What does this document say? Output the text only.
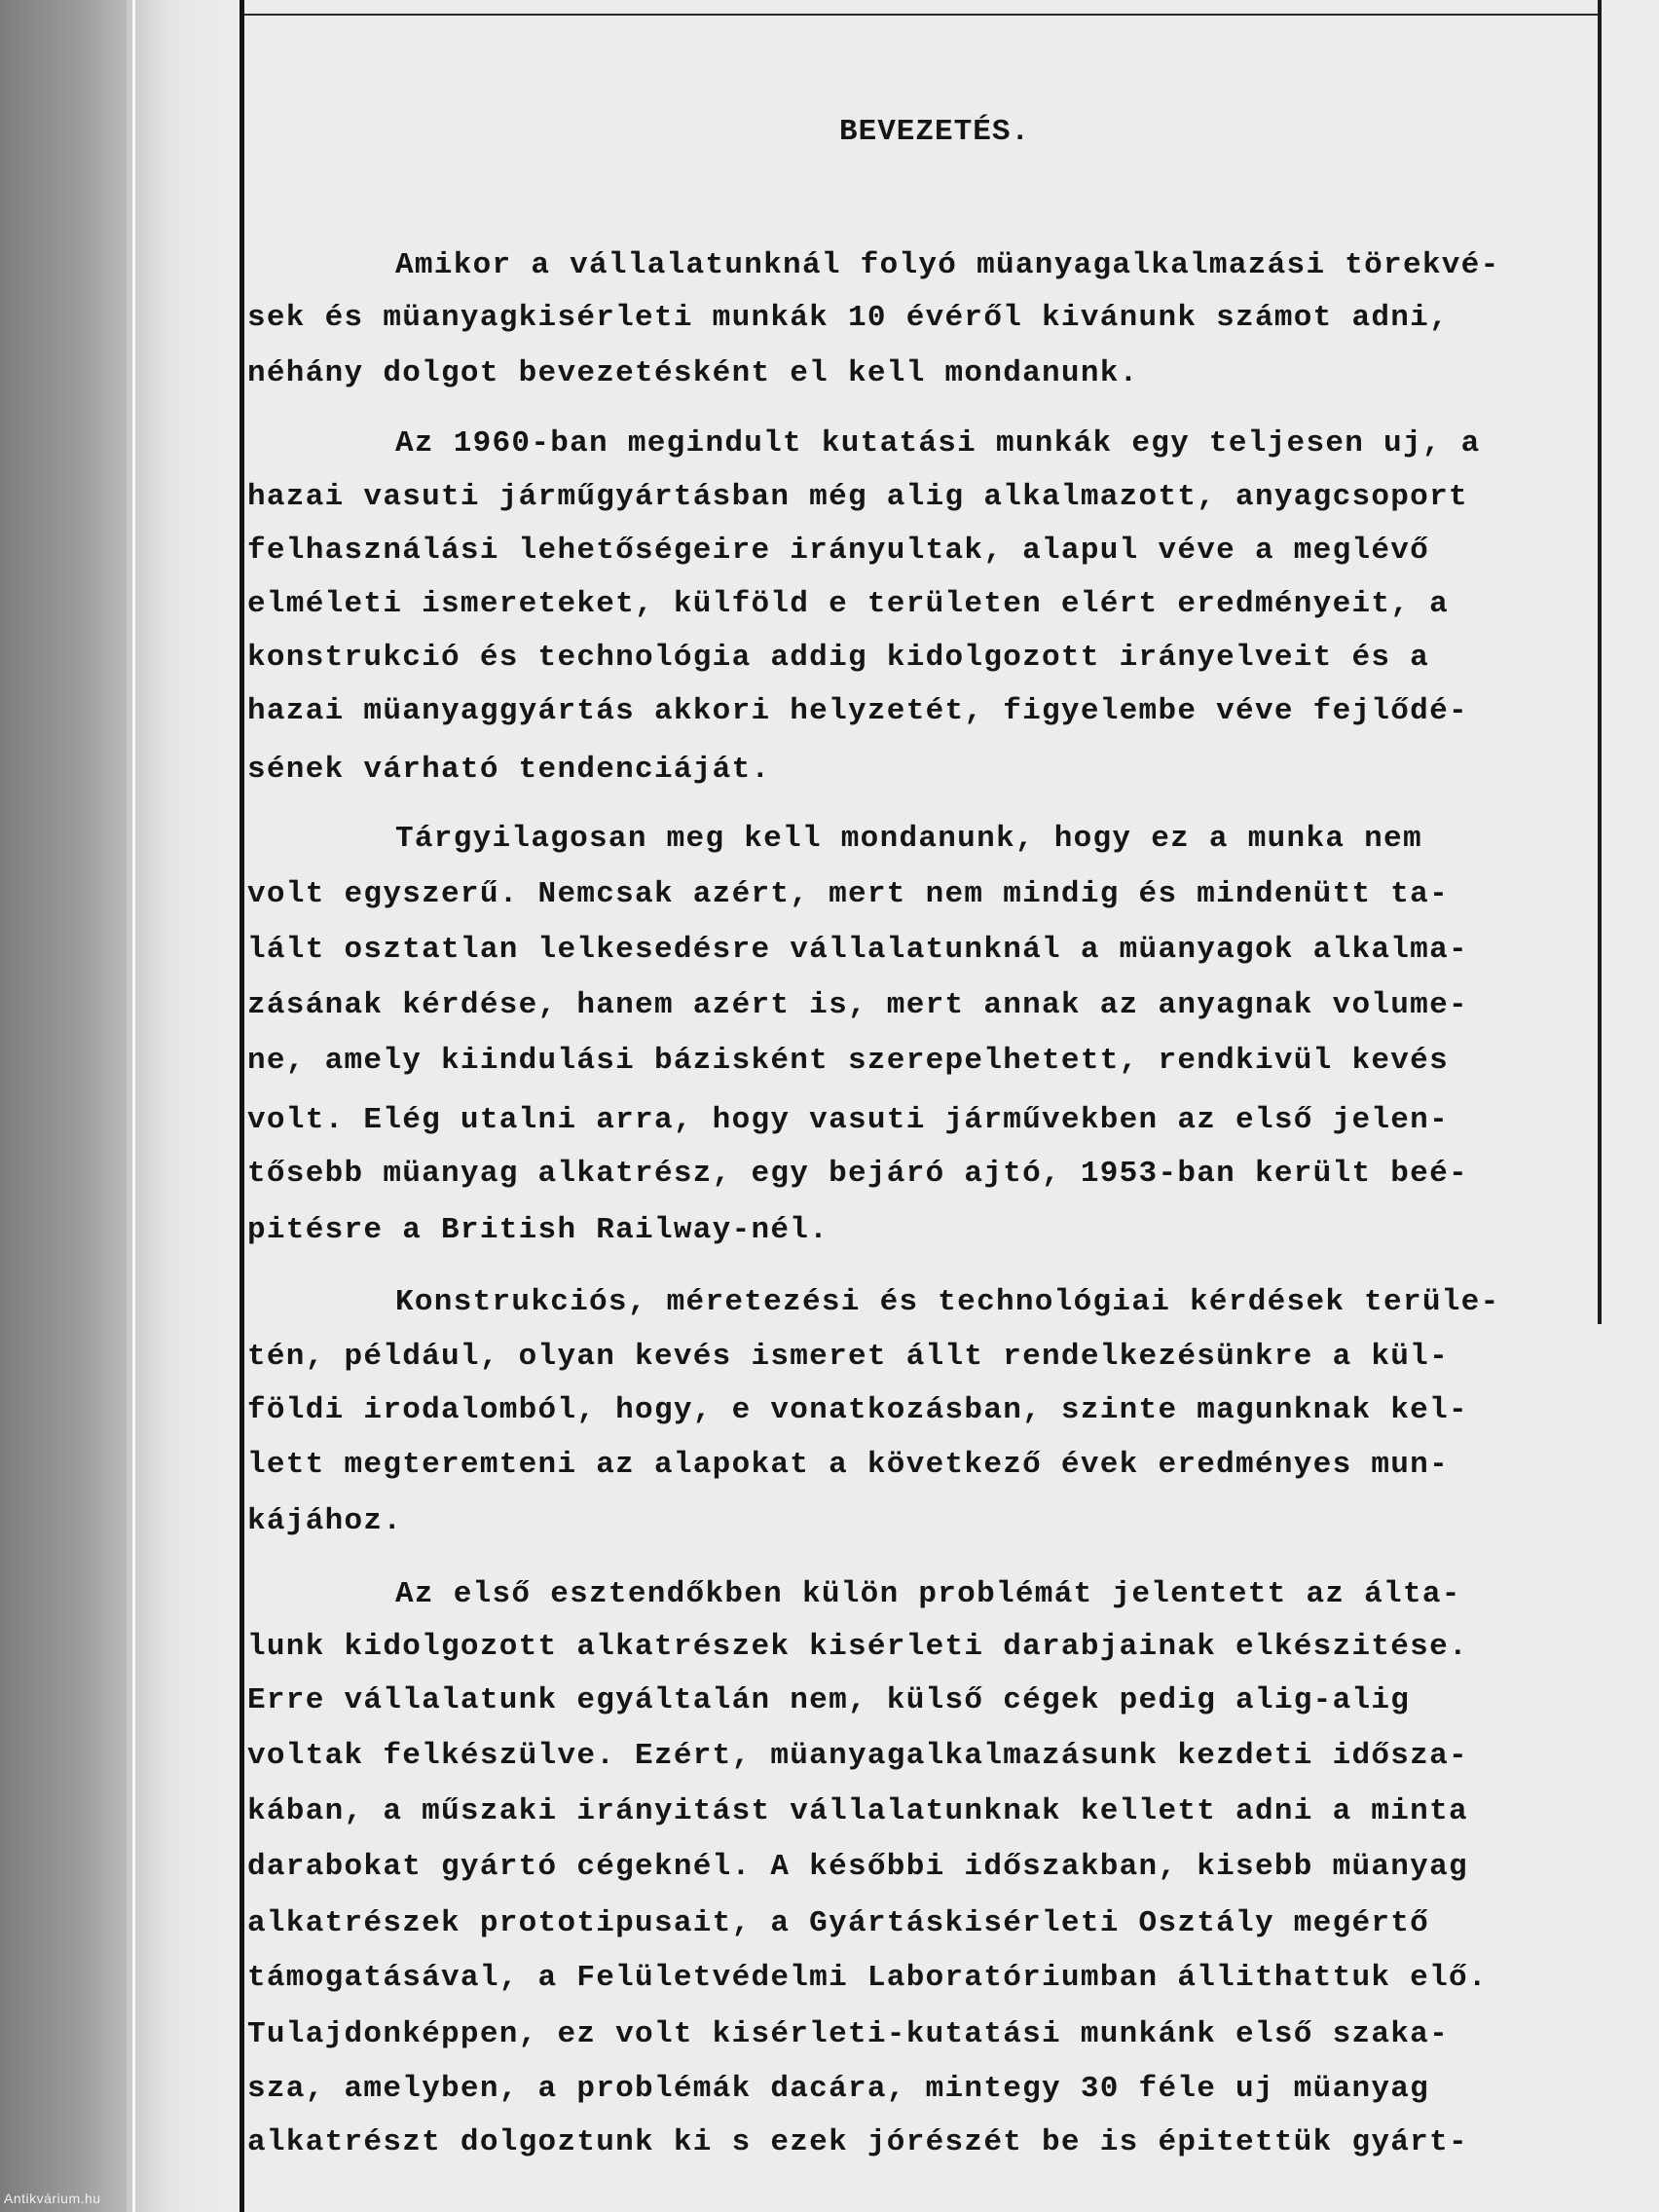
BEVEZETÉS.

Amikor a vállalatunknál folyó müanyagalkalmazási törekvé-

sek és müanyagkisérleti munkák 10 évéről kivánunk számot adni,

néhány dolgot bevezetésként el kell mondanunk.

Az 1960-ban megindult kutatási munkák egy teljesen uj, a

hazai vasuti járműgyártásban még alig alkalmazott, anyagcsoport

felhasználási lehetőségeire irányultak, alapul véve a meglévő

elméleti ismereteket, külföld e területen elért eredményeit, a

konstrukció és technológia addig kidolgozott irányelveit és a

hazai müanyaggyártás akkori helyzetét, figyelembe véve fejlődé-

sének várható tendenciáját.

Tárgyilagosan meg kell mondanunk, hogy ez a munka nem

volt egyszerű. Nemcsak azért, mert nem mindig és mindenütt ta-

lált osztatlan lelkesedésre vállalatunknál a müanyagok alkalma-

zásának kérdése, hanem azért is, mert annak az anyagnak volume-

ne, amely kiindulási bázisként szerepelhetett, rendkivül kevés

volt. Elég utalni arra, hogy vasuti járművekben az első jelen-

tősebb müanyag alkatrész, egy bejáró ajtó, 1953-ban került beé-

pitésre a British Railway-nél.

Konstrukciós, méretezési és technológiai kérdések terüle-

tén, például, olyan kevés ismeret állt rendelkezésünkre a kül-

földi irodalomból, hogy, e vonatkozásban, szinte magunknak kel-

lett megteremteni az alapokat a következő évek eredményes mun-

kájához.

Az első esztendőkben külön problémát jelentett az álta-

lunk kidolgozott alkatrészek kisérleti darabjainak elkészitése.

Erre vállalatunk egyáltalán nem, külső cégek pedig alig-alig

voltak felkészülve. Ezért, müanyagalkalmazásunk kezdeti idősza-

kában, a műszaki irányitást vállalatunknak kellett adni a minta

darabokat gyártó cégeknél. A későbbi időszakban, kisebb müanyag

alkatrészek prototipusait, a Gyártáskisérleti Osztály megértő

támogatásával, a Felületvédelmi Laboratóriumban állithattuk elő.

Tulajdonképpen, ez volt kisérleti-kutatási munkánk első szaka-

sza, amelyben, a problémák dacára, mintegy 30 féle uj müanyag

alkatrészt dolgoztunk ki s ezek jórészét be is épitettük gyárt-

Antikvárium.hu
